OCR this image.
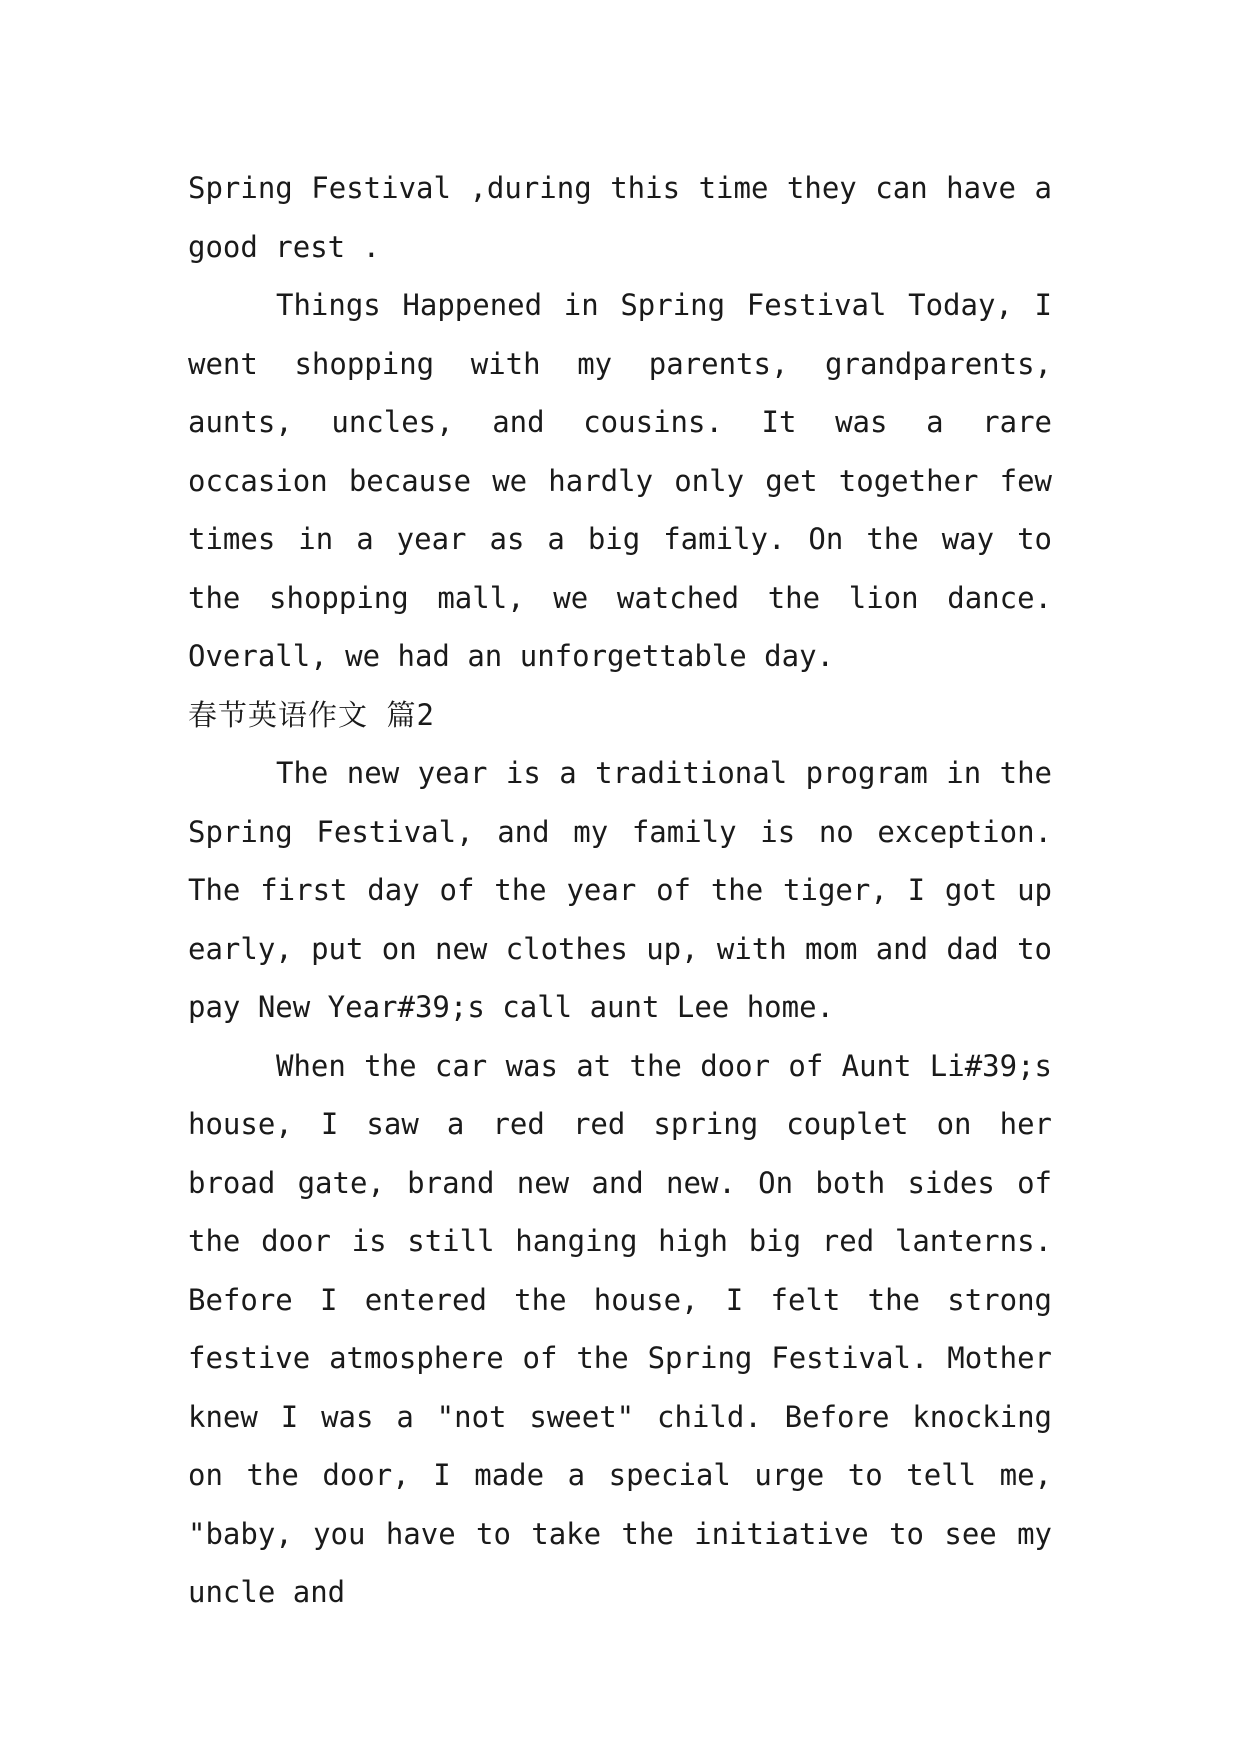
Spring Festival ,during this time they can have a good rest .

Things Happened in Spring Festival Today, I went shopping with my parents, grandparents, aunts, uncles, and cousins. It was a rare occasion because we hardly only get together few times in a year as a big family. On the way to the shopping mall, we watched the lion dance. Overall, we had an unforgettable day.

春节英语作文 篇2

The new year is a traditional program in the Spring Festival, and my family is no exception. The first day of the year of the tiger, I got up early, put on new clothes up, with mom and dad to pay New Year#39;s call aunt Lee home.

When the car was at the door of Aunt Li#39;s house, I saw a red red spring couplet on her broad gate, brand new and new. On both sides of the door is still hanging high big red lanterns. Before I entered the house, I felt the strong festive atmosphere of the Spring Festival. Mother knew I was a "not sweet" child. Before knocking on the door, I made a special urge to tell me, "baby, you have to take the initiative to see my uncle and
